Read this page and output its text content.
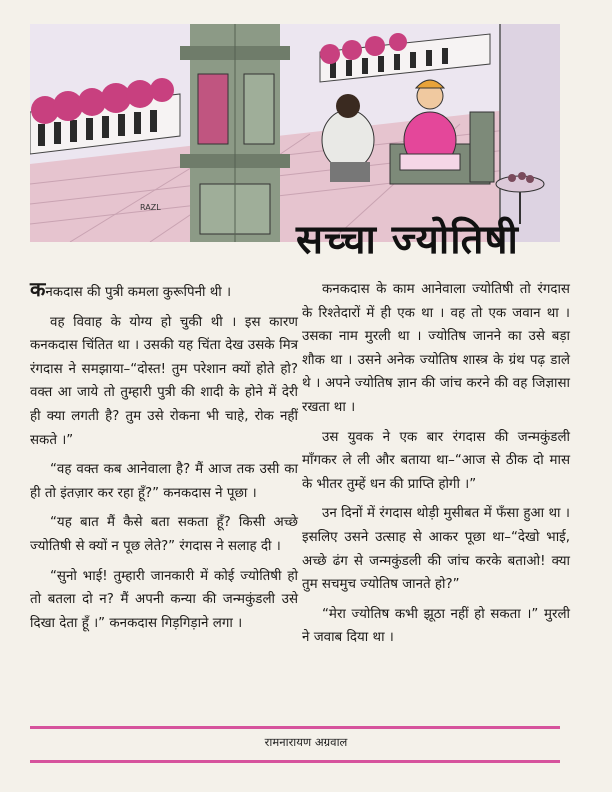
RAZL
सच्चा ज्योतिषी

कनकदास की पुत्री कमला कुरूपिनी थी ।

वह विवाह के योग्य हो चुकी थी । इस कारण कनकदास चिंतित था । उसकी यह चिंता देख उसके मित्र रंगदास ने समझाया–“दोस्त! तुम परेशान क्यों होते हो? वक्त आ जाये तो तुम्हारी पुत्री की शादी के होने में देरी ही क्या लगती है? तुम उसे रोकना भी चाहे, रोक नहीं सकते ।”

“वह वक्त कब आनेवाला है? मैं आज तक उसी का ही तो इंतज़ार कर रहा हूँ?” कनकदास ने पूछा ।

“यह बात मैं कैसे बता सकता हूँ? किसी अच्छे ज्योतिषी से क्यों न पूछ लेते?” रंगदास ने सलाह दी ।

“सुनो भाई! तुम्हारी जानकारी में कोई ज्योतिषी हो तो बतला दो न? मैं अपनी कन्या की जन्मकुंडली उसे दिखा देता हूँ ।” कनकदास गिड़गिड़ाने लगा ।

कनकदास के काम आनेवाला ज्योतिषी तो रंगदास के रिश्तेदारों में ही एक था । वह तो एक जवान था । उसका नाम मुरली था । ज्योतिष जानने का उसे बड़ा शौक था । उसने अनेक ज्योतिष शास्त्र के ग्रंथ पढ़ डाले थे । अपने ज्योतिष ज्ञान की जांच करने की वह जिज्ञासा रखता था ।

उस युवक ने एक बार रंगदास की जन्मकुंडली माँगकर ले ली और बताया था–“आज से ठीक दो मास के भीतर तुम्हें धन की प्राप्ति होगी ।”

उन दिनों में रंगदास थोड़ी मुसीबत में फँसा हुआ था । इसलिए उसने उत्साह से आकर पूछा था–“देखो भाई, अच्छे ढंग से जन्मकुंडली की जांच करके बताओ! क्या तुम सचमुच ज्योतिष जानते हो?”

“मेरा ज्योतिष कभी झूठा नहीं हो सकता ।” मुरली ने जवाब दिया था ।

रामनारायण अग्रवाल
